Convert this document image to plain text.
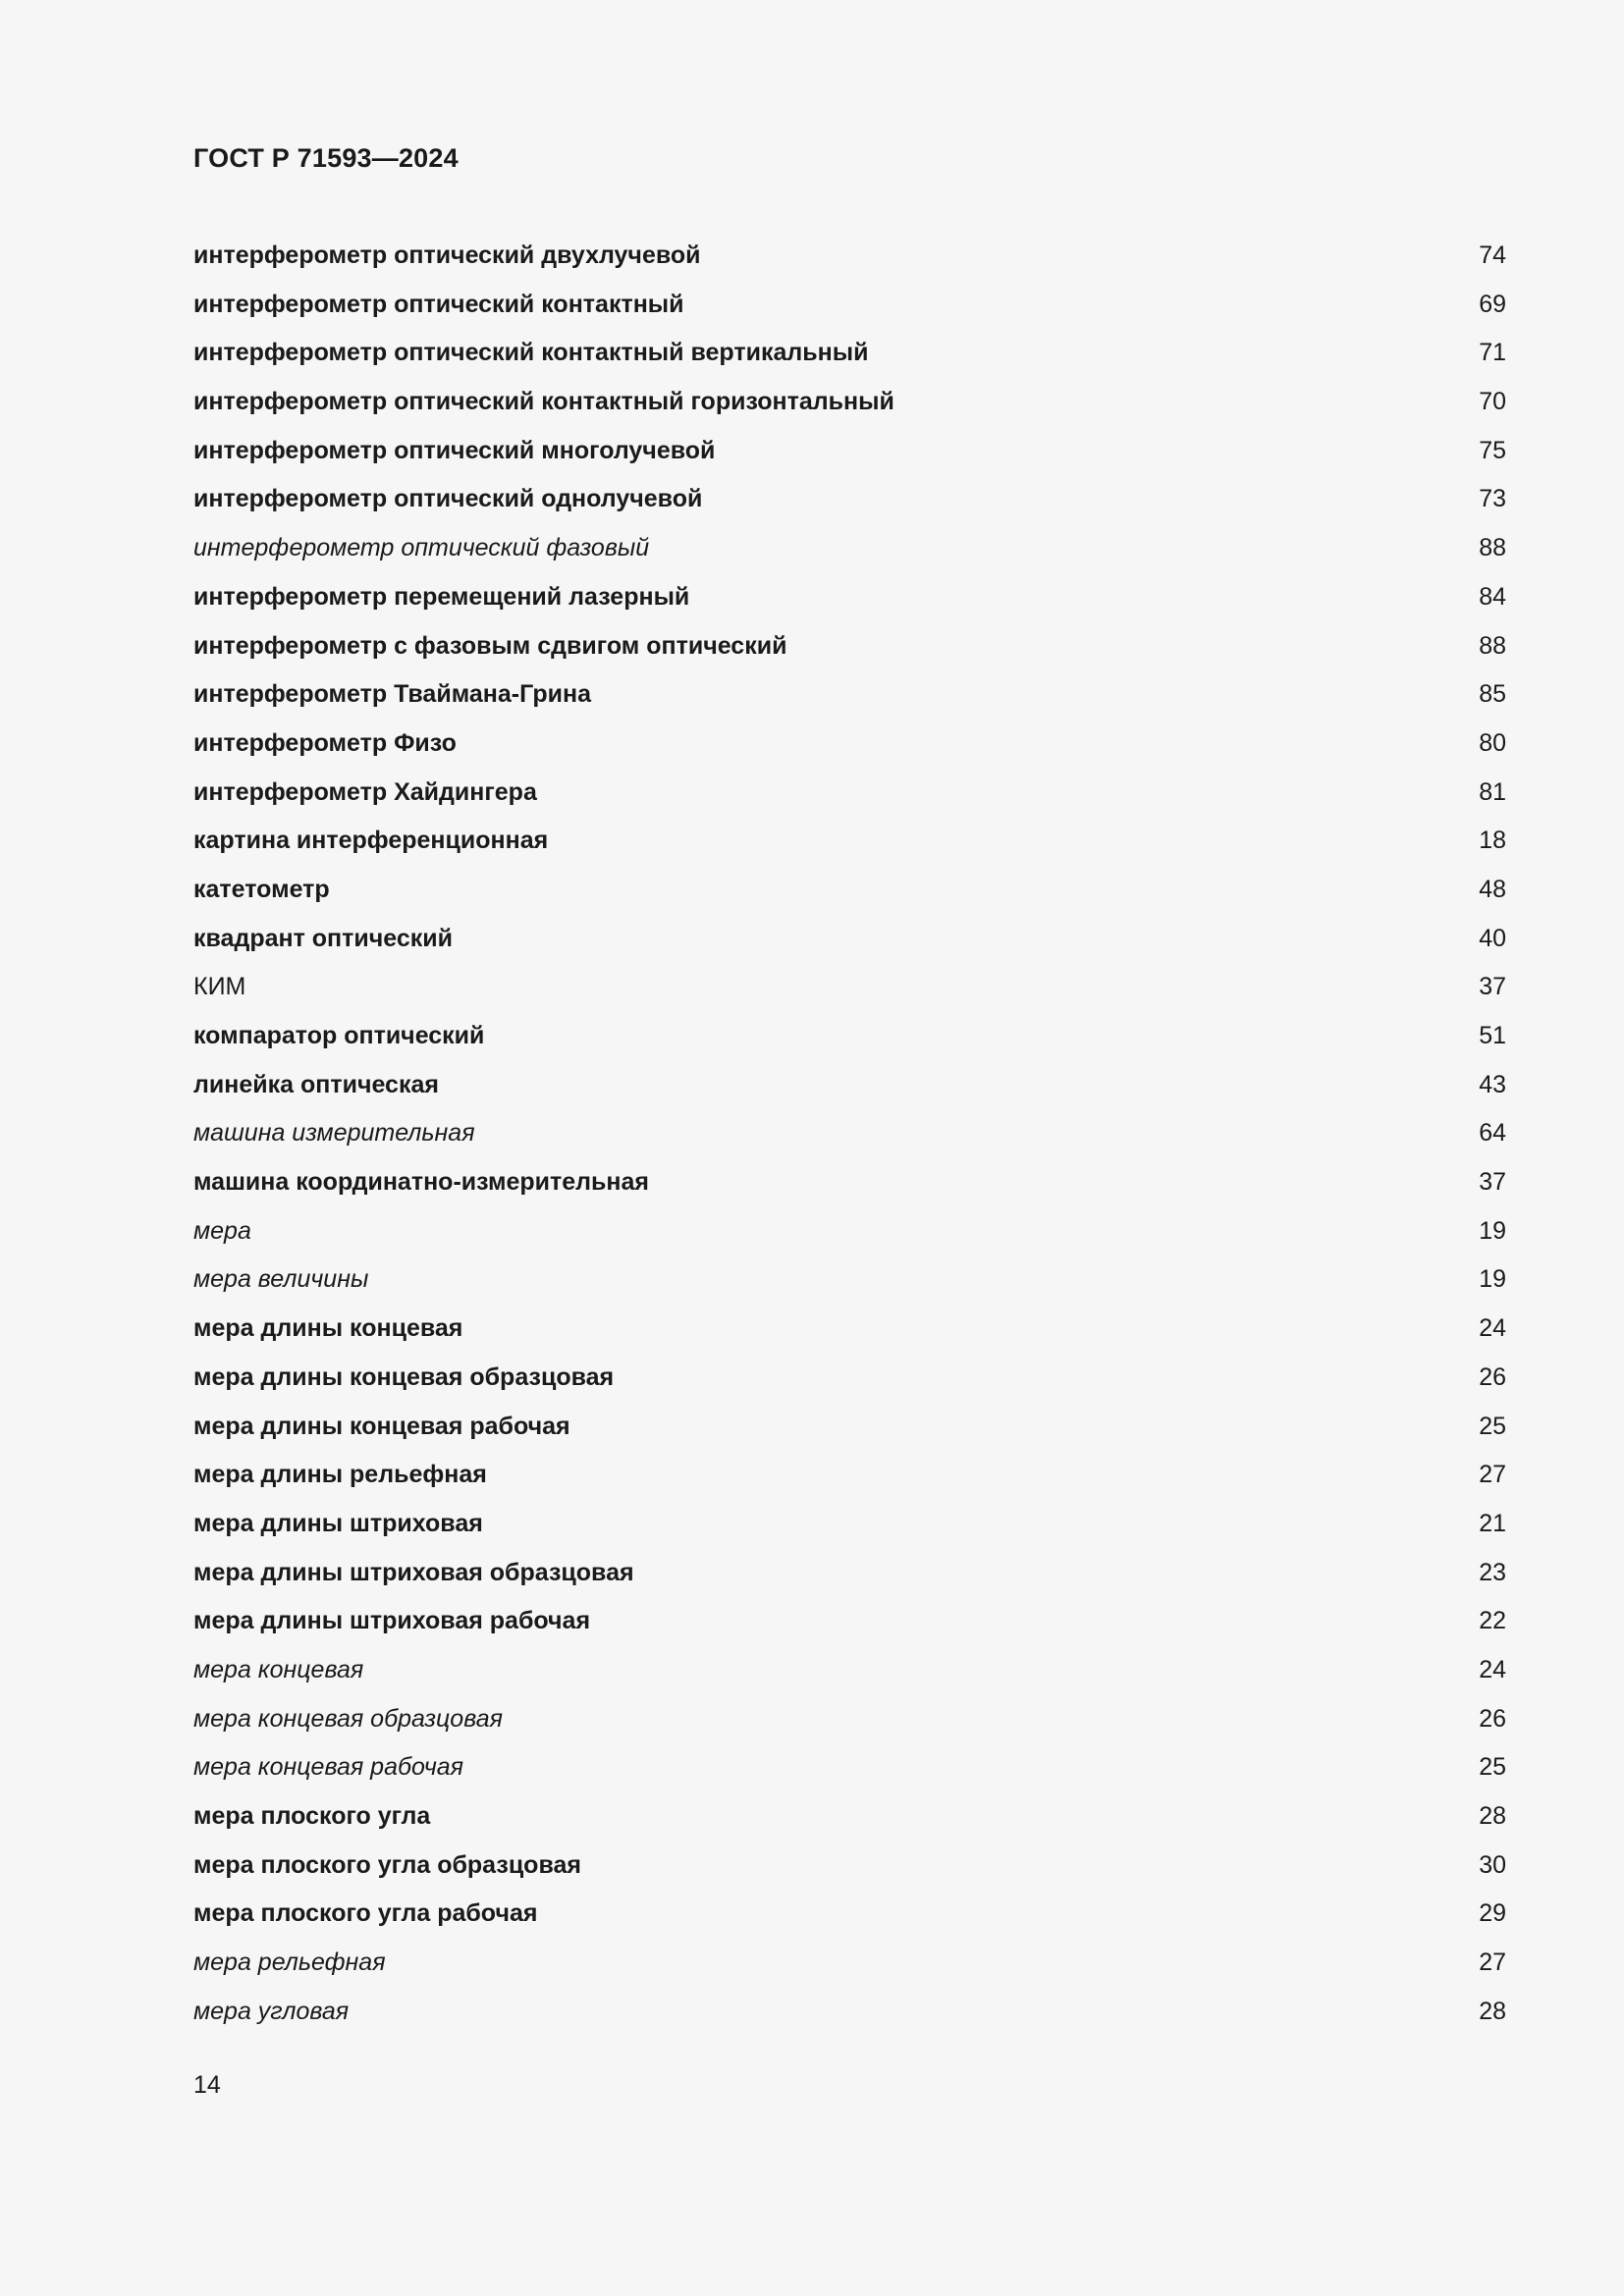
ГОСТ Р 71593—2024
интерферометр оптический двухлучевой	74
интерферометр оптический контактный	69
интерферометр оптический контактный вертикальный	71
интерферометр оптический контактный горизонтальный	70
интерферометр оптический многолучевой	75
интерферометр оптический однолучевой	73
интерферометр оптический фазовый	88
интерферометр перемещений лазерный	84
интерферометр с фазовым сдвигом оптический	88
интерферометр Тваймана-Грина	85
интерферометр Физо	80
интерферометр Хайдингера	81
картина интерференционная	18
катетометр	48
квадрант оптический	40
КИМ	37
компаратор оптический	51
линейка оптическая	43
машина измерительная	64
машина координатно-измерительная	37
мера	19
мера величины	19
мера длины концевая	24
мера длины концевая образцовая	26
мера длины концевая рабочая	25
мера длины рельефная	27
мера длины штриховая	21
мера длины штриховая образцовая	23
мера длины штриховая рабочая	22
мера концевая	24
мера концевая образцовая	26
мера концевая рабочая	25
мера плоского угла	28
мера плоского угла образцовая	30
мера плоского угла рабочая	29
мера рельефная	27
мера угловая	28
14
